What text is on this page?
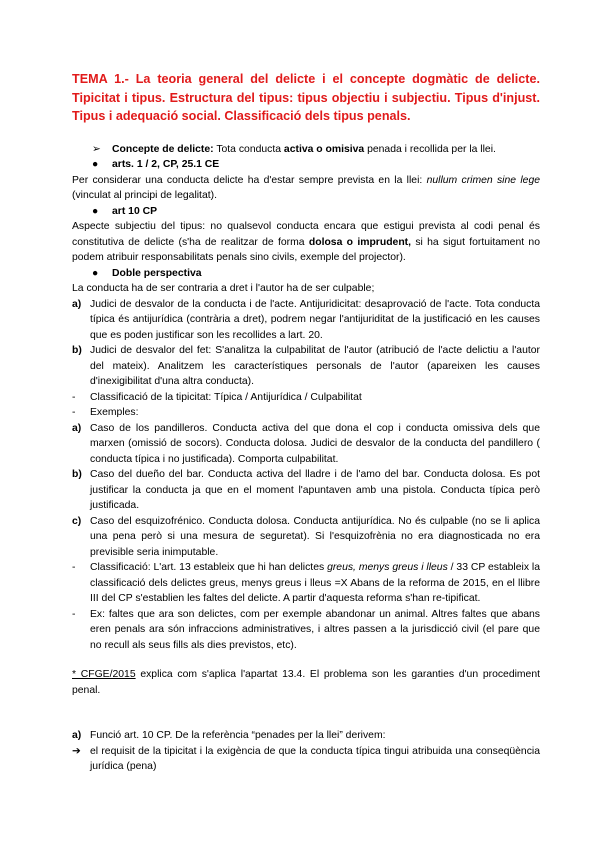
TEMA 1.- La teoria general del delicte i el concepte dogmàtic de delicte. Tipicitat i tipus. Estructura del tipus: tipus objectiu i subjectiu. Tipus d'injust. Tipus i adequació social. Classificació dels tipus penals.
➢ Concepte de delicte: Tota conducta activa o omisiva penada i recollida per la llei.
● arts. 1 / 2, CP, 25.1 CE
Per considerar una conducta delicte ha d'estar sempre prevista en la llei: nullum crimen sine lege (vinculat al principi de legalitat).
● art 10 CP
Aspecte subjectiu del tipus: no qualsevol conducta encara que estigui prevista al codi penal és constitutiva de delicte (s'ha de realitzar de forma dolosa o imprudent, si ha sigut fortuitament no podem atribuir responsabilitats penals sino civils, exemple del projector).
● Doble perspectiva
La conducta ha de ser contraria a dret i l'autor ha de ser culpable;
a) Judici de desvalor de la conducta i de l'acte. Antijuridicitat: desaprovació de l'acte. Tota conducta típica és antijurídica (contrària a dret), podrem negar l'antijuriditat de la justificació en les causes que es poden justificar son les recollides a lart. 20.
b) Judici de desvalor del fet: S'analitza la culpabilitat de l'autor (atribució de l'acte delictiu a l'autor del mateix). Analitzem les característiques personals de l'autor (apareixen les causes d'inexigibilitat d'una altra conducta).
- Classificació de la tipicitat: Típica / Antijurídica / Culpabilitat
- Exemples:
a) Caso de los pandilleros. Conducta activa del que dona el cop i conducta omissiva dels que marxen (omissió de socors). Conducta dolosa. Judici de desvalor de la conducta del pandillero ( conducta típica i no justificada). Comporta culpabilitat.
b) Caso del dueño del bar. Conducta activa del lladre i de l'amo del bar. Conducta dolosa. Es pot justificar la conducta ja que en el moment l'apuntaven amb una pistola. Conducta típica però justificada.
c) Caso del esquizofrénico. Conducta dolosa. Conducta antijurídica. No és culpable (no se li aplica una pena però si una mesura de seguretat). Si l'esquizofrènia no era diagnosticada no era previsible seria inimputable.
- Classificació: L'art. 13 estableix que hi han delictes greus, menys greus i lleus / 33 CP estableix la classificació dels delictes greus, menys greus i lleus =X Abans de la reforma de 2015, en el llibre III del CP s'establien les faltes del delicte. A partir d'aquesta reforma s'han re-tipificat.
- Ex: faltes que ara son delictes, com per exemple abandonar un animal. Altres faltes que abans eren penals ara són infraccions administratives, i altres passen a la jurisdicció civil (el pare que no recull als seus fills als dies previstos, etc).
* CFGE/2015 explica com s'aplica l'apartat 13.4. El problema son les garanties d'un procediment penal.
a) Funció art. 10 CP. De la referència “penades per la llei” derivem:
➔ el requisit de la tipicitat i la exigència de que la conducta típica tingui atribuida una conseqüència jurídica (pena)
